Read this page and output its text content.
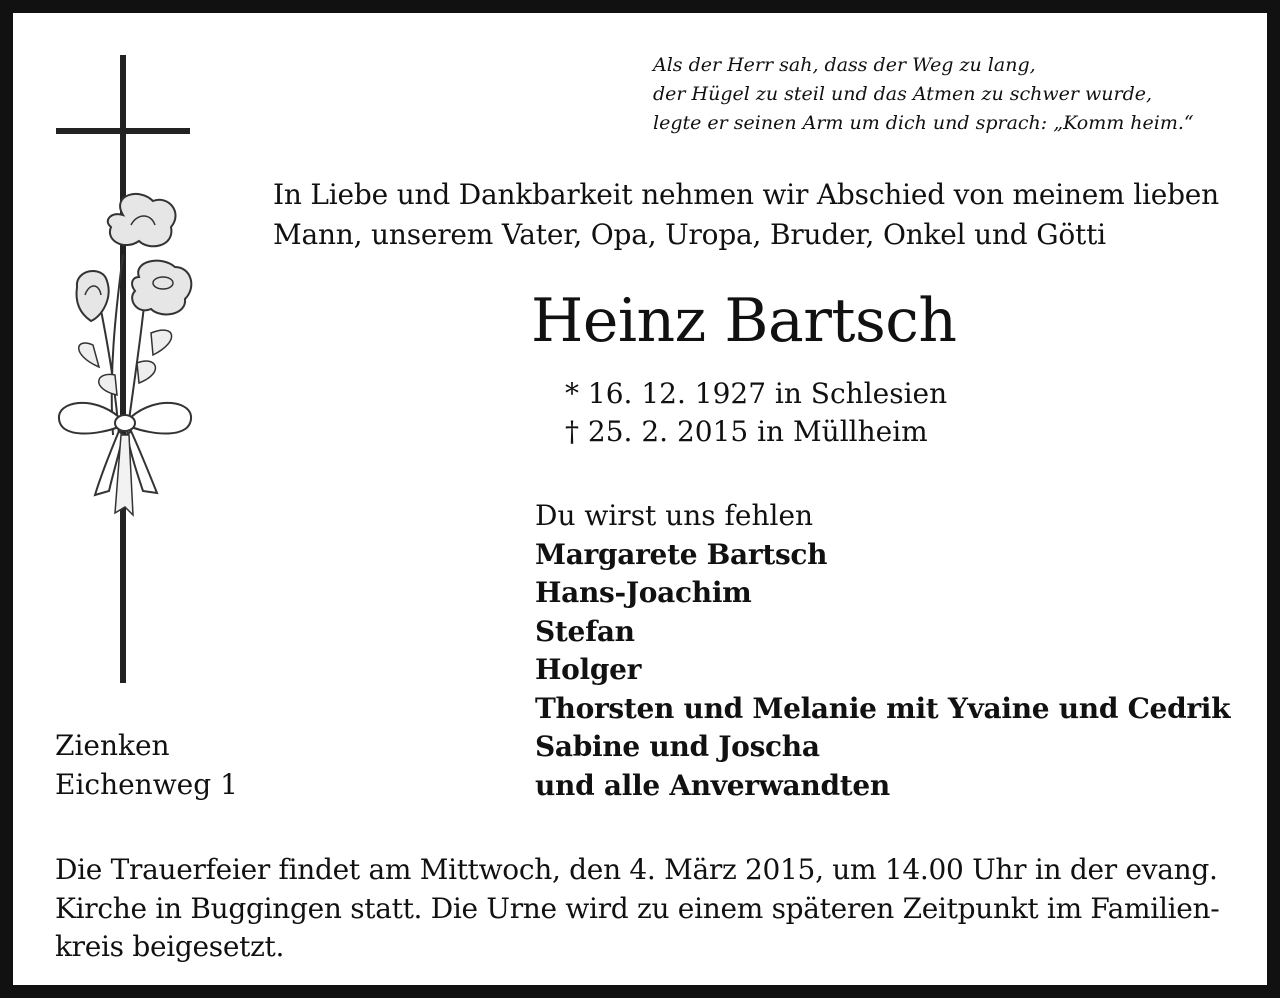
Als der Herr sah, dass der Weg zu lang,
der Hügel zu steil und das Atmen zu schwer wurde,
legte er seinen Arm um dich und sprach: „Komm heim.“
In Liebe und Dankbarkeit nehmen wir Abschied von meinem lieben
Mann, unserem Vater, Opa, Uropa, Bruder, Onkel und Götti
Heinz Bartsch
* 16. 12. 1927 in Schlesien
† 25. 2. 2015 in Müllheim
Du wirst uns fehlen
Margarete Bartsch
Hans-Joachim
Stefan
Holger
Thorsten und Melanie mit Yvaine und Cedrik
Sabine und Joscha
und alle Anverwandten
Zienken
Eichenweg 1
Die Trauerfeier findet am Mittwoch, den 4. März 2015, um 14.00 Uhr in der evang.
Kirche in Buggingen statt. Die Urne wird zu einem späteren Zeitpunkt im Familien-
kreis beigesetzt.
